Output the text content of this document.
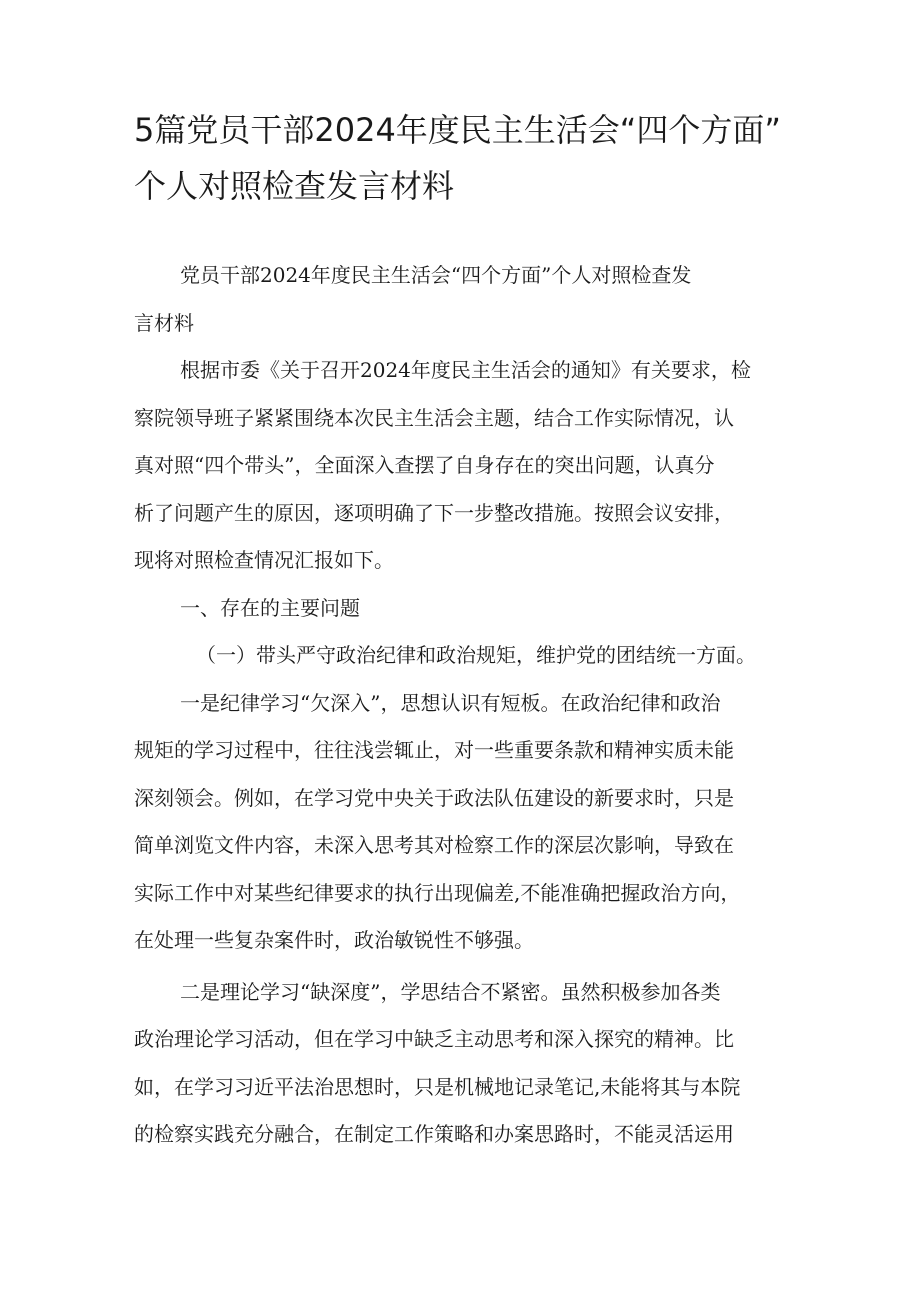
5篇党员干部2024年度民主生活会“四个方面”
个人对照检查发言材料

党员干部2024年度民主生活会“四个方面”个人对照检查发
言材料

根据市委《关于召开2024年度民主生活会的通知》有关要求，检
察院领导班子紧紧围绕本次民主生活会主题，结合工作实际情况，认
真对照“四个带头”，全面深入查摆了自身存在的突出问题，认真分
析了问题产生的原因，逐项明确了下一步整改措施。按照会议安排，
现将对照检查情况汇报如下。

一、存在的主要问题

（一）带头严守政治纪律和政治规矩，维护党的团结统一方面。

一是纪律学习“欠深入”，思想认识有短板。在政治纪律和政治
规矩的学习过程中，往往浅尝辄止，对一些重要条款和精神实质未能
深刻领会。例如，在学习党中央关于政法队伍建设的新要求时，只是
简单浏览文件内容，未深入思考其对检察工作的深层次影响，导致在
实际工作中对某些纪律要求的执行出现偏差,不能准确把握政治方向，
在处理一些复杂案件时，政治敏锐性不够强。

二是理论学习“缺深度”，学思结合不紧密。虽然积极参加各类
政治理论学习活动，但在学习中缺乏主动思考和深入探究的精神。比
如，在学习习近平法治思想时，只是机械地记录笔记,未能将其与本院
的检察实践充分融合，在制定工作策略和办案思路时，不能灵活运用
